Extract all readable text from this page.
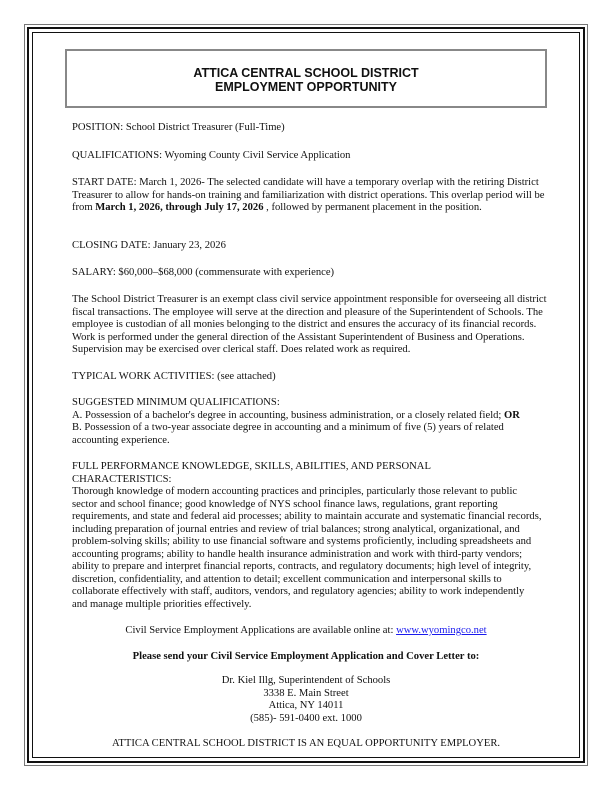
ATTICA CENTRAL SCHOOL DISTRICT
EMPLOYMENT OPPORTUNITY
POSITION: School District Treasurer (Full-Time)
QUALIFICATIONS: Wyoming County Civil Service Application
START DATE: March 1, 2026- The selected candidate will have a temporary overlap with the retiring District Treasurer to allow for hands-on training and familiarization with district operations. This overlap period will be from March 1, 2026, through July 17, 2026 , followed by permanent placement in the position.
CLOSING DATE: January 23, 2026
SALARY: $60,000–$68,000 (commensurate with experience)
The School District Treasurer is an exempt class civil service appointment responsible for overseeing all district fiscal transactions. The employee will serve at the direction and pleasure of the Superintendent of Schools. The employee is custodian of all monies belonging to the district and ensures the accuracy of its financial records. Work is performed under the general direction of the Assistant Superintendent of Business and Operations. Supervision may be exercised over clerical staff. Does related work as required.
TYPICAL WORK ACTIVITIES: (see attached)
SUGGESTED MINIMUM QUALIFICATIONS:
A. Possession of a bachelor's degree in accounting, business administration, or a closely related field; OR
B. Possession of a two-year associate degree in accounting and a minimum of five (5) years of related accounting experience.
FULL PERFORMANCE KNOWLEDGE, SKILLS, ABILITIES, AND PERSONAL CHARACTERISTICS:
Thorough knowledge of modern accounting practices and principles, particularly those relevant to public sector and school finance; good knowledge of NYS school finance laws, regulations, grant reporting requirements, and state and federal aid processes; ability to maintain accurate and systematic financial records, including preparation of journal entries and review of trial balances; strong analytical, organizational, and problem-solving skills; ability to use financial software and systems proficiently, including spreadsheets and accounting programs; ability to handle health insurance administration and work with third-party vendors; ability to prepare and interpret financial reports, contracts, and regulatory documents; high level of integrity, discretion, confidentiality, and attention to detail; excellent communication and interpersonal skills to collaborate effectively with staff, auditors, vendors, and regulatory agencies; ability to work independently and manage multiple priorities effectively.
Civil Service Employment Applications are available online at: www.wyomingco.net
Please send your Civil Service Employment Application and Cover Letter to:
Dr. Kiel Illg, Superintendent of Schools
3338 E. Main Street
Attica, NY 14011
(585)- 591-0400 ext. 1000
ATTICA CENTRAL SCHOOL DISTRICT IS AN EQUAL OPPORTUNITY EMPLOYER.
